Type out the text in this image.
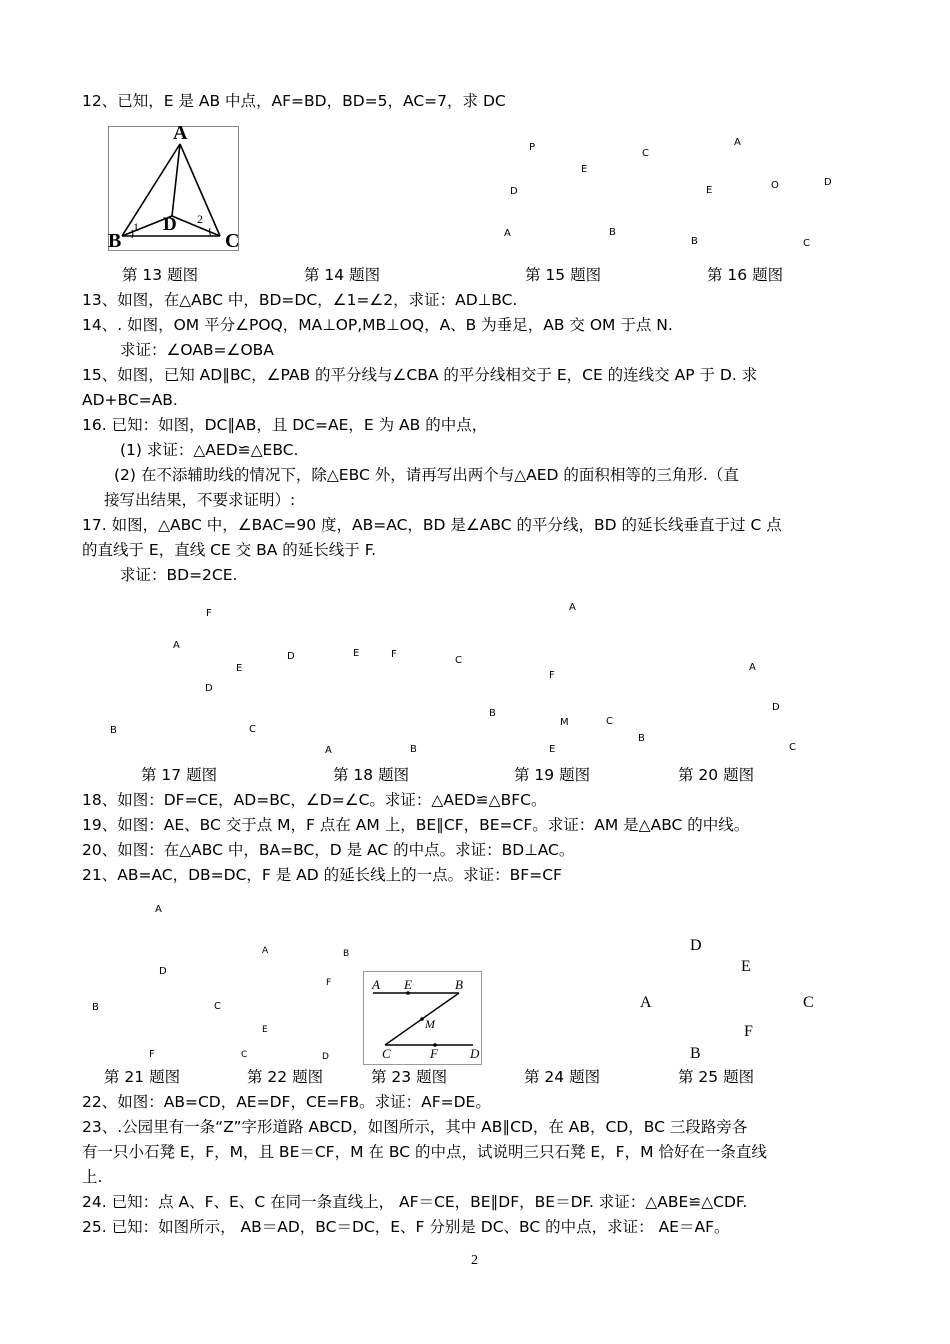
12、已知，E 是 AB 中点，AF=BD，BD=5，AC=7，求 DC
A
B	C
D
1
2
P
C
E
D
A	B
A
E	O	D
B	C
第 13 题图	第 14 题图	第 15 题图	第 16 题图
13、如图，在△ABC 中，BD=DC，∠1=∠2，求证：AD⊥BC.
14、. 如图，OM 平分∠POQ，MA⊥OP,MB⊥OQ，A、B 为垂足，AB 交 OM 于点 N.
求证：∠OAB=∠OBA
15、如图，已知 AD∥BC，∠PAB 的平分线与∠CBA 的平分线相交于 E，CE 的连线交 AP 于 D. 求
AD+BC=AB.
16. 已知：如图，DC∥AB，且 DC=AE，E 为 AB 的中点，
(1) 求证：△AED≌△EBC.
(2) 在不添辅助线的情况下，除△EBC 外，请再写出两个与△AED 的面积相等的三角形.（直
接写出结果，不要求证明）:
17. 如图，△ABC 中，∠BAC=90 度，AB=AC，BD 是∠ABC 的平分线，BD 的延长线垂直于过 C 点
的直线于 E，直线 CE 交 BA 的延长线于 F.
求证：BD=2CE.
F
A
E
D
B	C
D	E	F
C
A	B
A
F
B
M	C
E
A
D
B
C
第 17 题图	第 18 题图	第 19 题图	第 20 题图
18、如图：DF=CE，AD=BC，∠D=∠C。求证：△AED≌△BFC。
19、如图：AE、BC 交于点 M，F 点在 AM 上，BE∥CF，BE=CF。求证：AM 是△ABC 的中线。
20、如图：在△ABC 中，BA=BC，D 是 AC 的中点。求证：BD⊥AC。
21、AB=AC，DB=DC，F 是 AD 的延长线上的一点。求证：BF=CF
A
D
B	C
F
A	B
F
E
C	D
A E	B
M
C	F D
D
E
A	C
F
B
第 21 题图	第 22 题图	第 23 题图	第 24 题图	第 25 题图
22、如图：AB=CD，AE=DF，CE=FB。求证：AF=DE。
23、.公园里有一条“Z”字形道路 ABCD，如图所示，其中 AB∥CD，在 AB，CD，BC 三段路旁各
有一只小石凳 E，F，M，且 BE＝CF，M 在 BC 的中点，试说明三只石凳 E，F，M 恰好在一条直线
上.
24. 已知：点 A、F、E、C 在同一条直线上， AF＝CE，BE∥DF，BE＝DF. 求证：△ABE≌△CDF.
25. 已知：如图所示， AB＝AD，BC＝DC，E、F 分别是 DC、BC 的中点，求证： AE＝AF。
2
